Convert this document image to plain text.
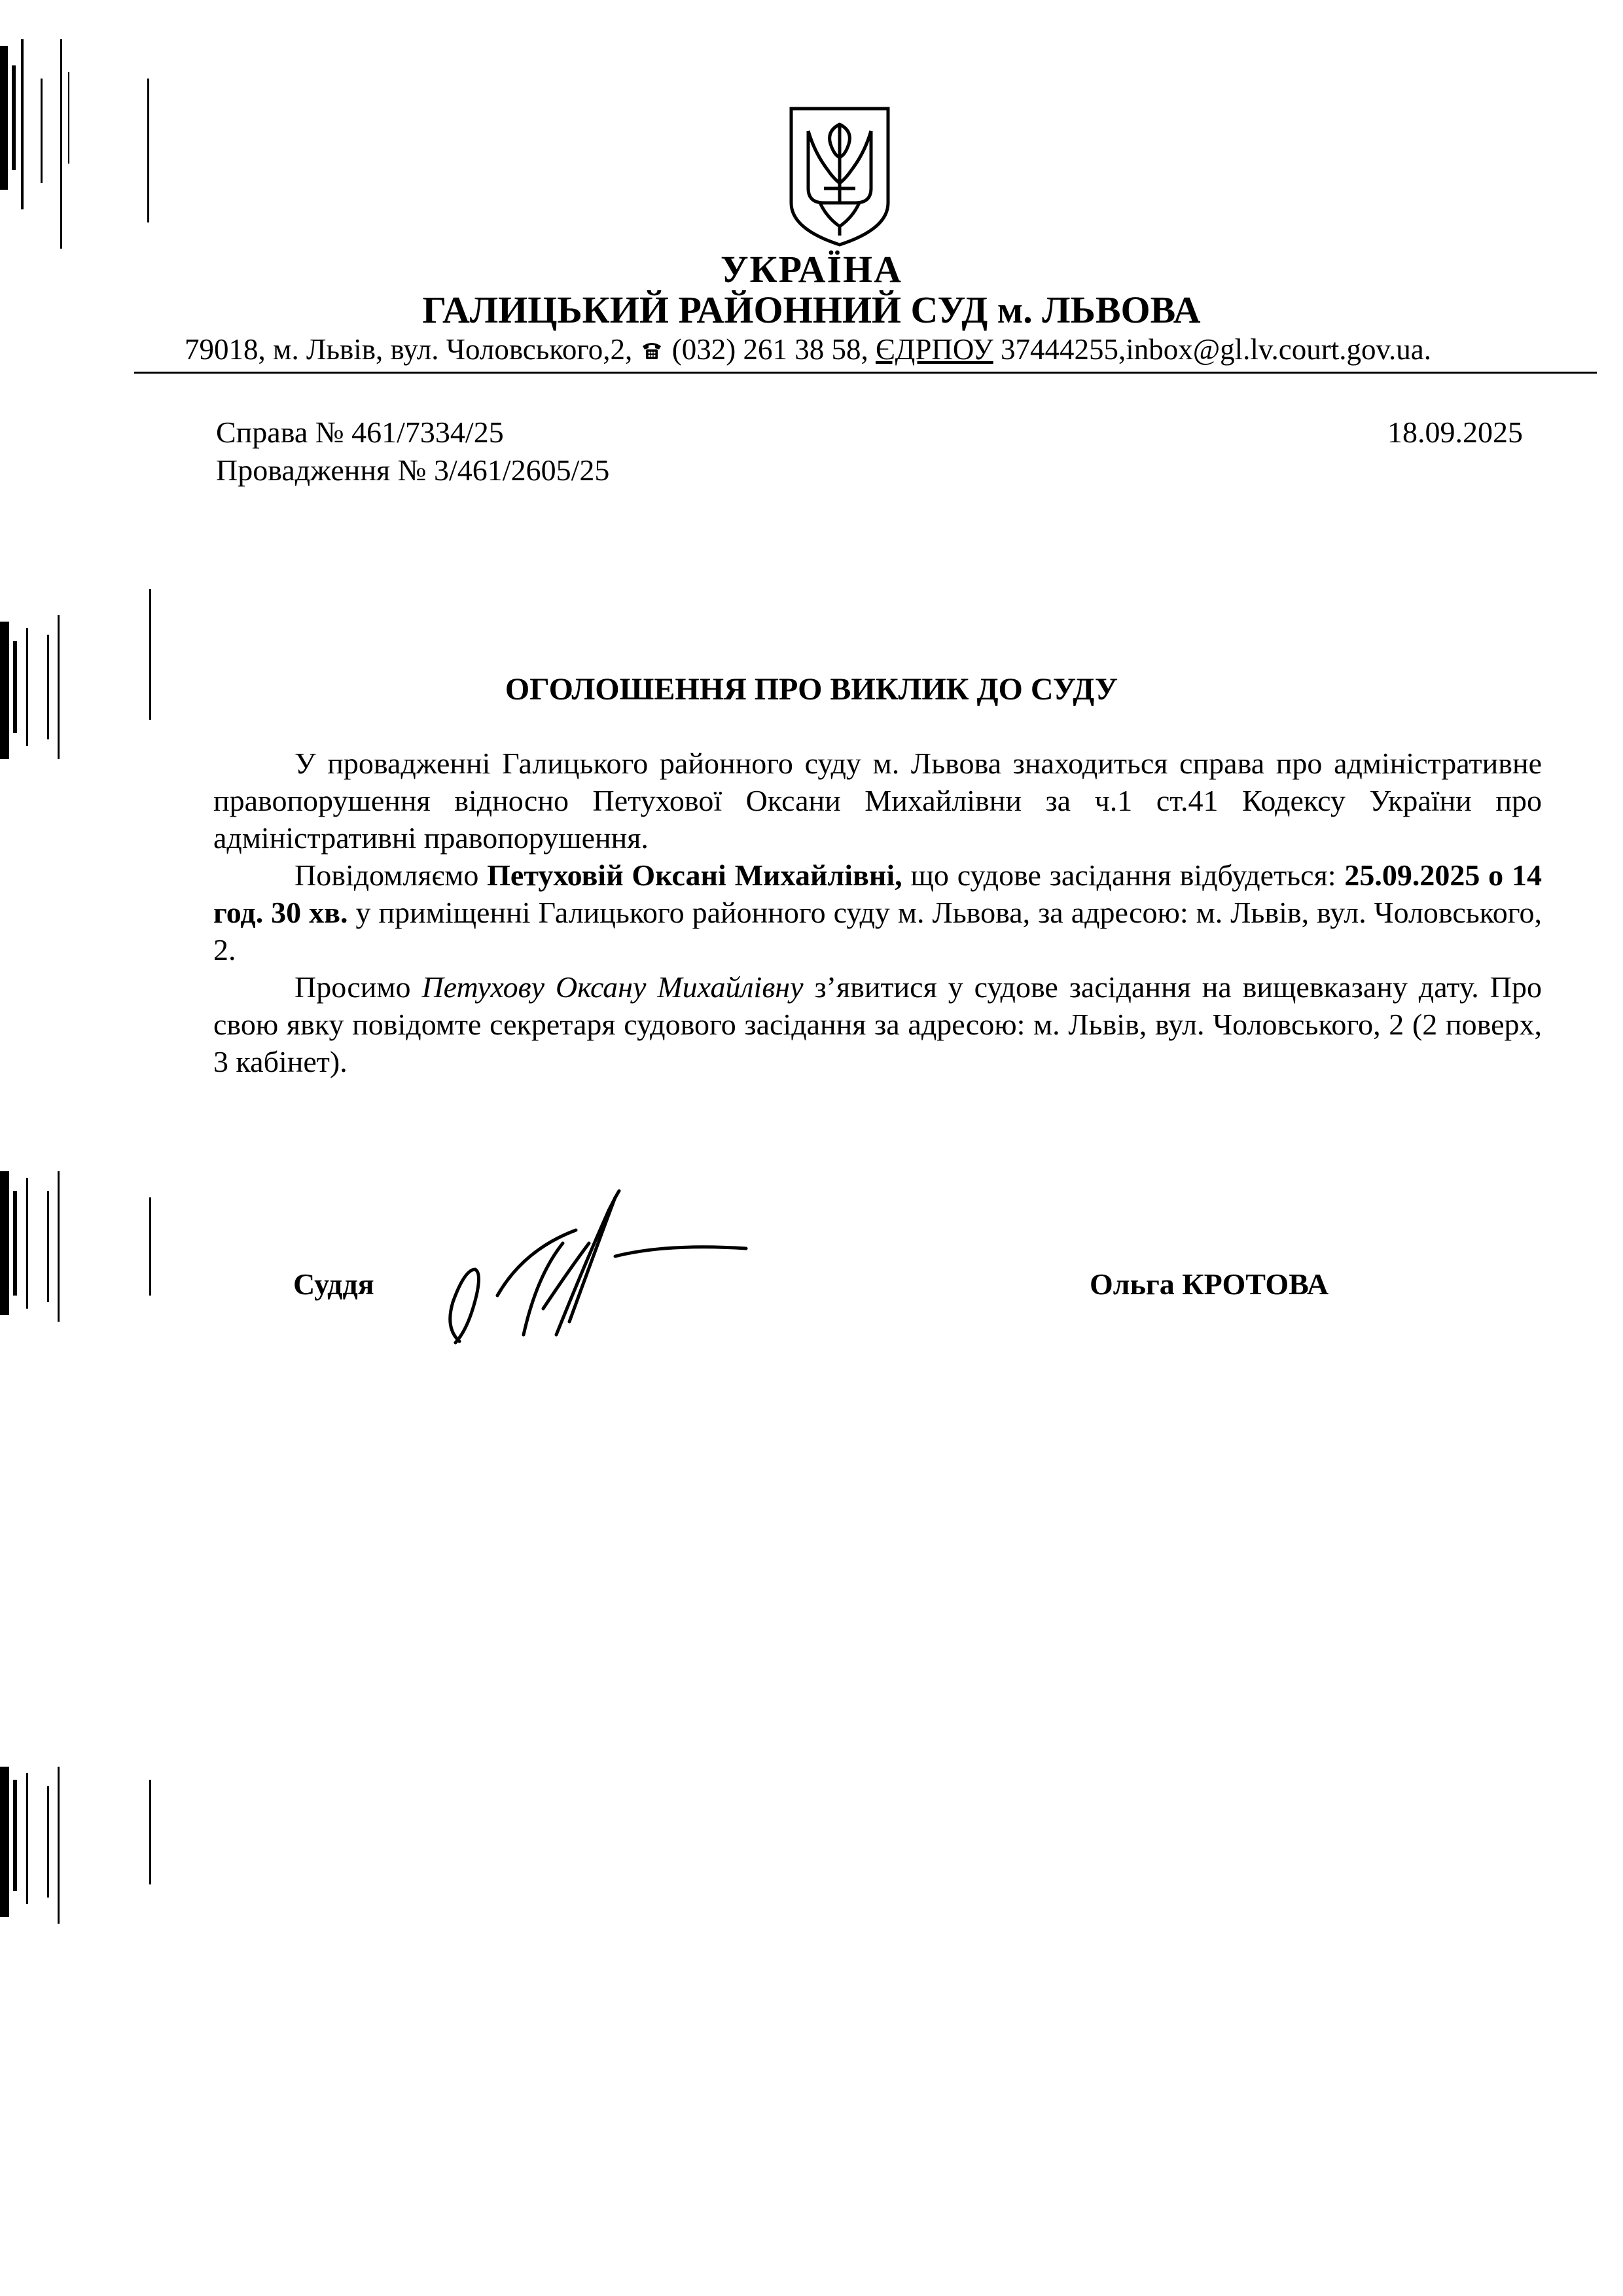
УКРАЇНА
ГАЛИЦЬКИЙ РАЙОННИЙ СУД м. ЛЬВОВА
79018, м. Львів, вул. Чоловського,2, (032) 261 38 58, ЄДРПОУ 37444255,inbox@gl.lv.court.gov.ua.
Справа № 461/7334/25
Провадження № 3/461/2605/25
18.09.2025
ОГОЛОШЕННЯ ПРО ВИКЛИК ДО СУДУ

У провадженні Галицького районного суду м. Львова знаходиться справа про адміністративне правопорушення відносно Петухової Оксани Михайлівни за ч.1 ст.41 Кодексу України про адміністративні правопорушення.

Повідомляємо Петуховій Оксані Михайлівні, що судове засідання відбудеться: 25.09.2025 о 14 год. 30 хв. у приміщенні Галицького районного суду м. Львова, за адресою: м. Львів, вул. Чоловського, 2.

Просимо Петухову Оксану Михайлівну з’явитися у судове засідання на вищевказану дату. Про свою явку повідомте секретаря судового засідання за адресою: м. Львів, вул. Чоловського, 2 (2 поверх, 3 кабінет).

Суддя	Ольга КРОТОВА
